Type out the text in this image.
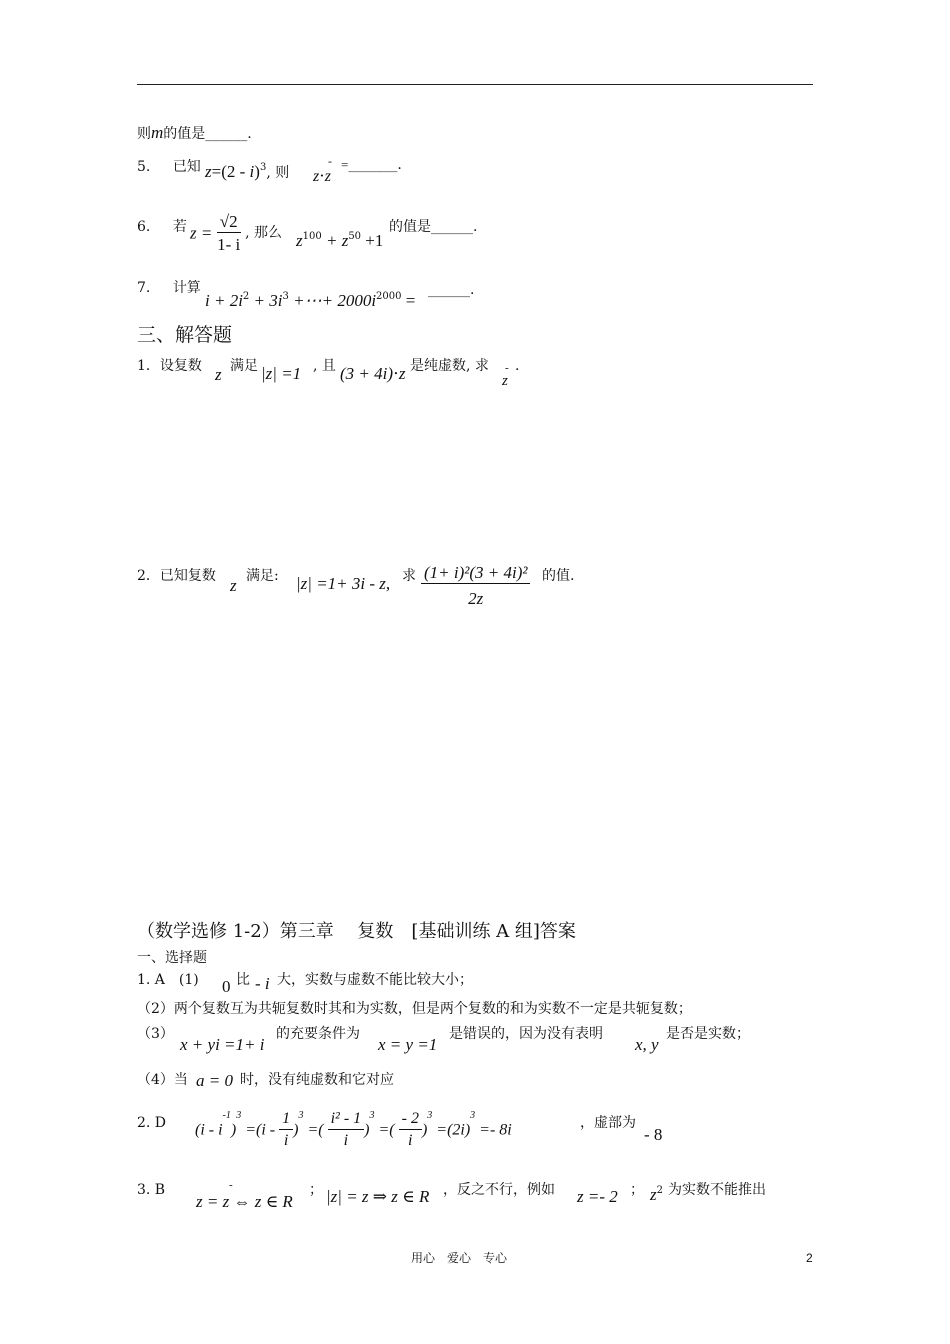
则m的值是______.
5. 已知 z=(2 - i)$^3$, 则
-
z⋅z
=_______.
6. 若 $z = \frac{√2}{1- i}$ , 那么 $z^{100} + z^{50} +1$
的值是______.
7. 计算
$i + 2i^2 + 3i^3$ +⋯+ $2000i^{2000}$ =
______.
三、解答题
1．设复数 z 满足 |z| =1 , 且 (3 + 4i)⋅z 是纯虚数, 求 -
z
.
2．已知复数 z 满足: |z| =1+ 3i - z, 求 $\frac{\text{(1+ i)²(3 + 4i)²}}{2z}$ 的值.
（数学选修 1-2）第三章　 复数　[基础训练 A 组]答案
一、选择题
1. A　(1) 0 比 - i 大，实数与虚数不能比较大小；
（2）两个复数互为共轭复数时其和为实数，但是两个复数的和为实数不一定是共轭复数；
（3）
x + yi =1+ i
的充要条件为
x = y =1
是错误的，因为没有表明
x, y
是否是实数；
（4）当 a = 0 时，没有纯虚数和它对应
2. D $(i - i^{-1})^3 =(i - \frac{1}{i} )^3$ =( $\frac{\text{i² - 1}}{i} )^3$ =( $\frac{- 2}{i} )^3 =(2i)^3 =- 8i$	，虚部为
- 8
3. B	-
z = z ⇔ z ∈ R
； |z| = z ⇒ z ∈ R ，反之不行，例如 z =- 2 ； $z^2$ 为实数不能推出
用心　爱心　专心	2
